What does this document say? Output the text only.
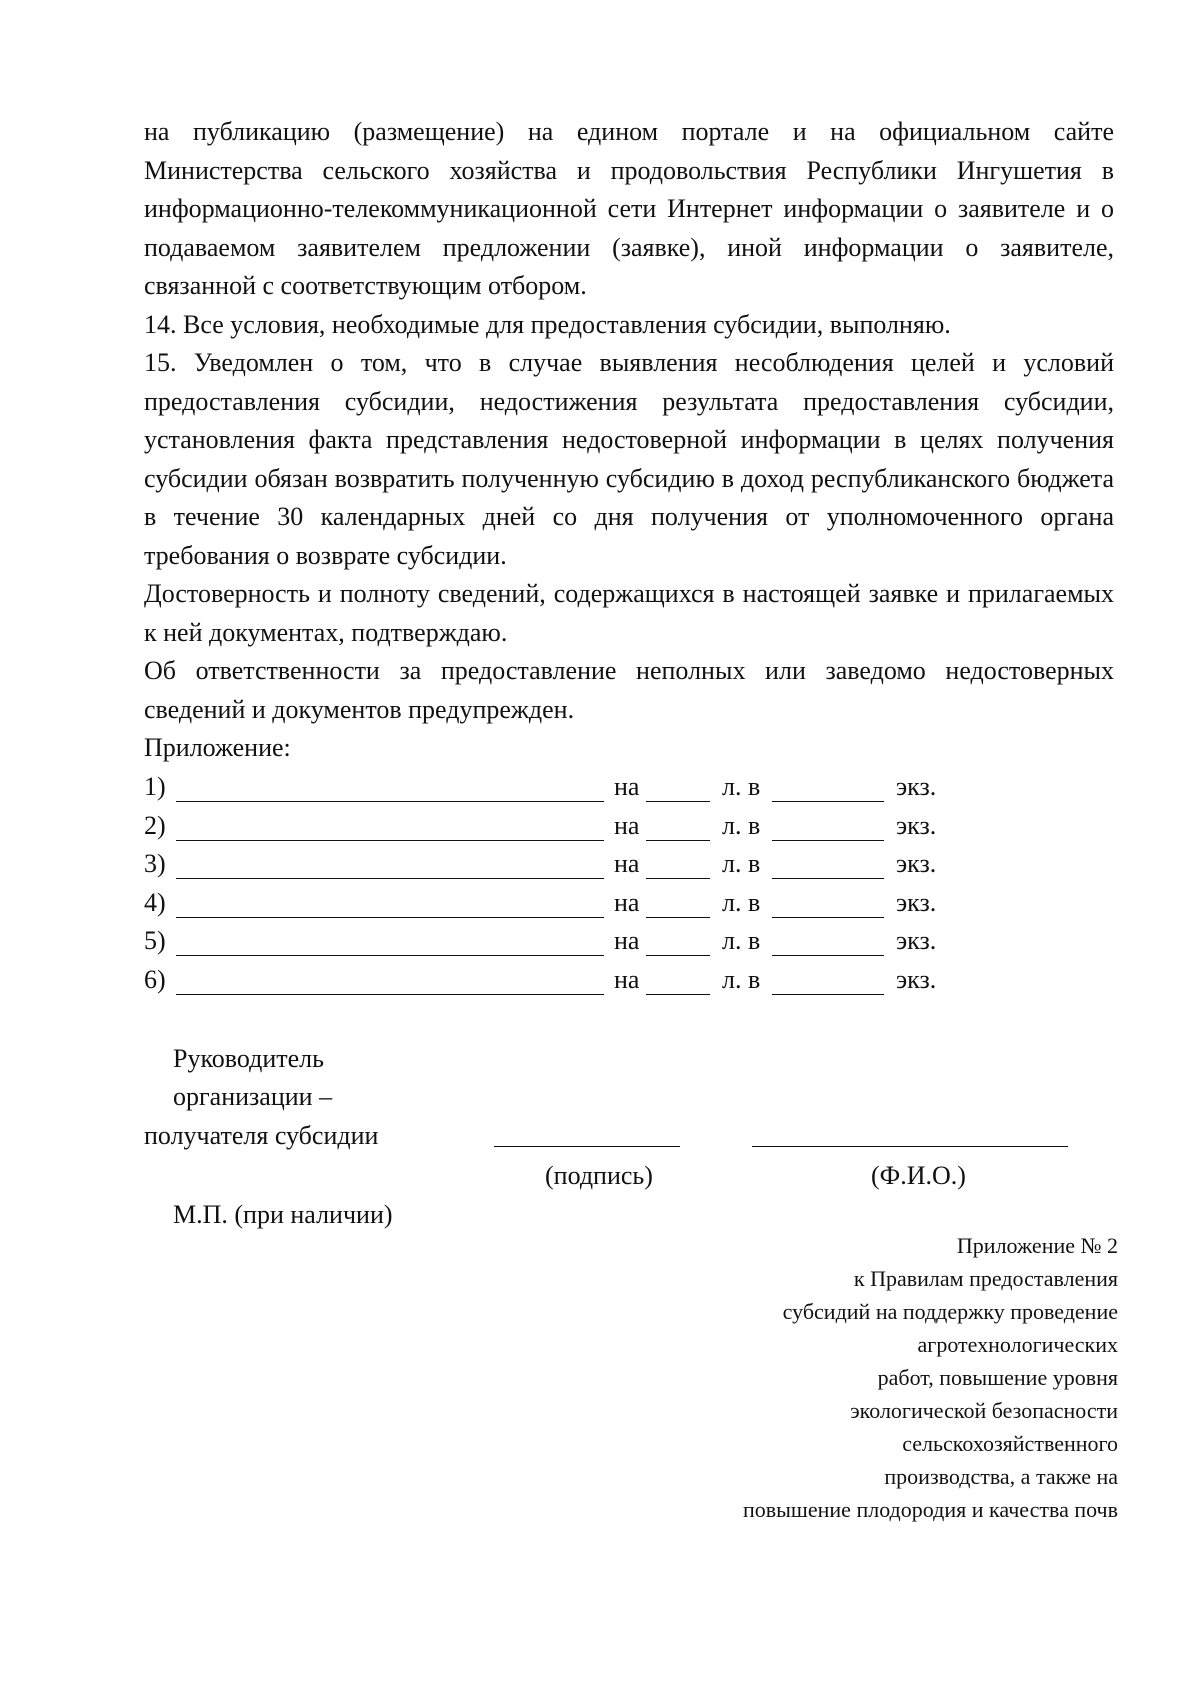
на публикацию (размещение) на едином портале и на официальном сайте Министерства сельского хозяйства и продовольствия Республики Ингушетия в информационно-телекоммуникационной сети Интернет информации о заявителе и о подаваемом заявителем предложении (заявке), иной информации о заявителе, связанной с соответствующим отбором.

14. Все условия, необходимые для предоставления субсидии, выполняю.

15. Уведомлен о том, что в случае выявления несоблюдения целей и условий предоставления субсидии, недостижения результата предоставления субсидии, установления факта представления недостоверной информации в целях получения субсидии обязан возвратить полученную субсидию в доход республиканского бюджета в течение 30 календарных дней со дня получения от уполномоченного органа требования о возврате субсидии.

Достоверность и полноту сведений, содержащихся в настоящей заявке и прилагаемых к ней документах, подтверждаю.

Об ответственности за предоставление неполных или заведомо недостоверных сведений и документов предупрежден.

Приложение:

1)	на	л. в	экз.
2)	на	л. в	экз.
3)	на	л. в	экз.
4)	на	л. в	экз.
5)	на	л. в	экз.
6)	на	л. в	экз.
Руководитель
организации –
получателя субсидии
(подпись)	(Ф.И.О.)
М.П. (при наличии)
Приложение № 2
к Правилам предоставления
субсидий на поддержку проведение
агротехнологических
работ, повышение уровня
экологической безопасности
сельскохозяйственного
производства, а также на
повышение плодородия и качества почв
